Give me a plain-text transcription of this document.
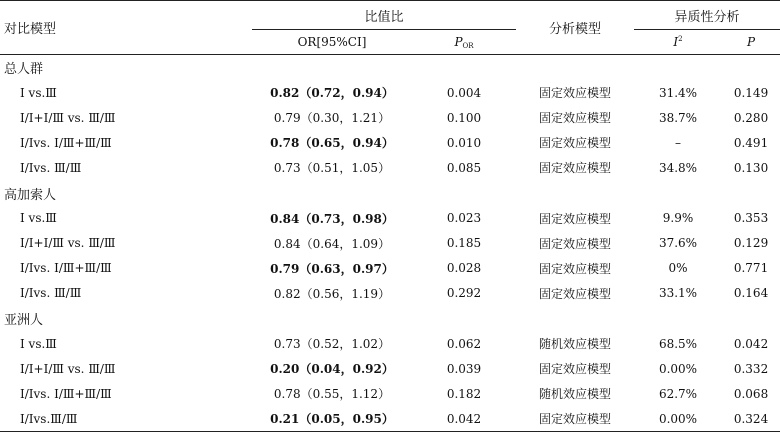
对比模型	比值比		分析模型	异质性分析	
	OR[95%CI]	$P_{OR}$		$I^2$	P
总人群					
Ⅰ vs.Ⅲ	0.82（0.72，0.94）	0.004	固定效应模型	31.4%	0.149
Ⅰ/Ⅰ+Ⅰ/Ⅲ vs. Ⅲ/Ⅲ	0.79（0.30，1.21）	0.100	固定效应模型	38.7%	0.280
Ⅰ/Ⅰvs. Ⅰ/Ⅲ+Ⅲ/Ⅲ	0.78（0.65，0.94）	0.010	固定效应模型	–	0.491
Ⅰ/Ⅰvs. Ⅲ/Ⅲ	0.73（0.51，1.05）	0.085	固定效应模型	34.8%	0.130
高加索人					
Ⅰ vs.Ⅲ	0.84（0.73，0.98）	0.023	固定效应模型	9.9%	0.353
Ⅰ/Ⅰ+Ⅰ/Ⅲ vs. Ⅲ/Ⅲ	0.84（0.64，1.09）	0.185	固定效应模型	37.6%	0.129
Ⅰ/Ⅰvs. Ⅰ/Ⅲ+Ⅲ/Ⅲ	0.79（0.63，0.97）	0.028	固定效应模型	0%	0.771
Ⅰ/Ⅰvs. Ⅲ/Ⅲ	0.82（0.56，1.19）	0.292	固定效应模型	33.1%	0.164
亚洲人					
Ⅰ vs.Ⅲ	0.73（0.52，1.02）	0.062	随机效应模型	68.5%	0.042
Ⅰ/Ⅰ+Ⅰ/Ⅲ vs. Ⅲ/Ⅲ	0.20（0.04，0.92）	0.039	固定效应模型	0.00%	0.332
Ⅰ/Ⅰvs. Ⅰ/Ⅲ+Ⅲ/Ⅲ	0.78（0.55，1.12）	0.182	随机效应模型	62.7%	0.068
Ⅰ/Ⅰvs.Ⅲ/Ⅲ	0.21（0.05，0.95）	0.042	固定效应模型	0.00%	0.324
